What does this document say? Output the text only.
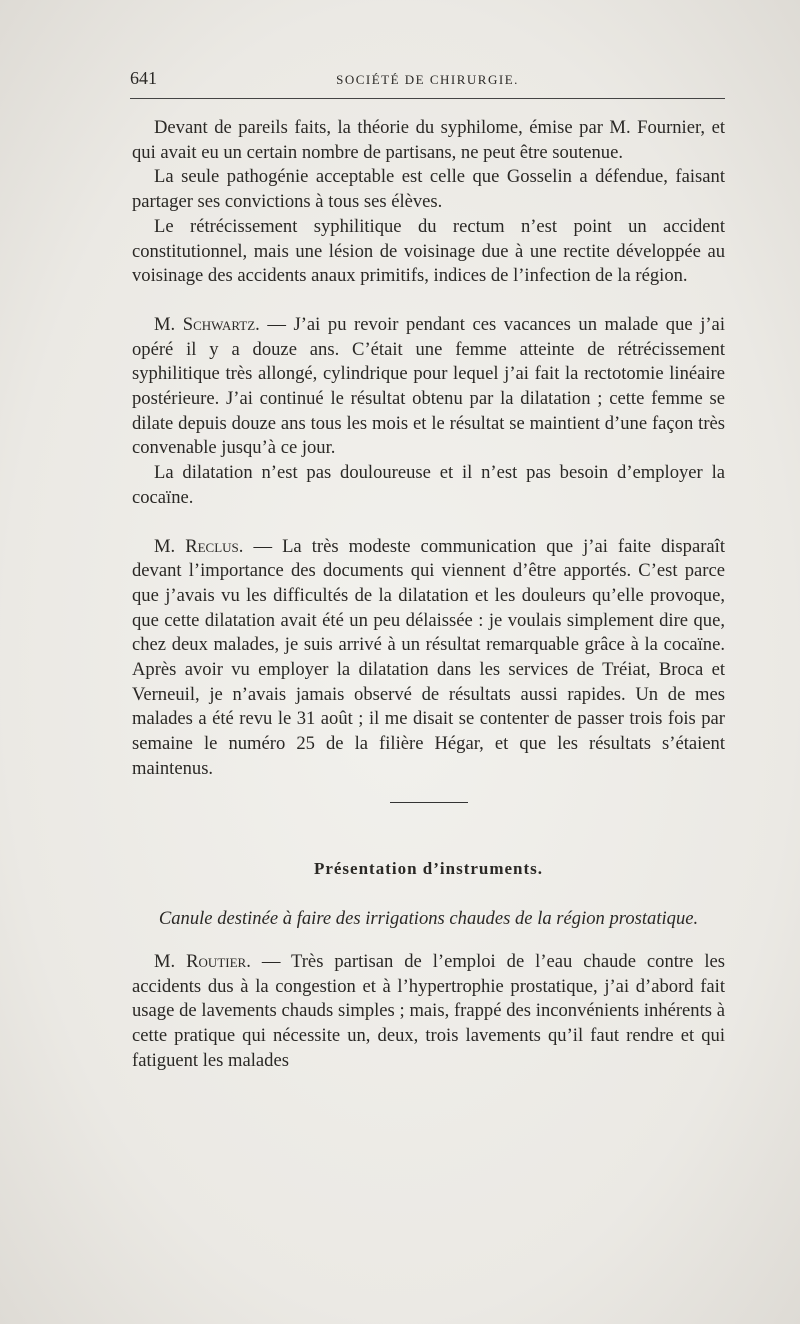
641	SOCIÉTÉ DE CHIRURGIE.

Devant de pareils faits, la théorie du syphilome, émise par M. Fournier, et qui avait eu un certain nombre de partisans, ne peut être soutenue.

La seule pathogénie acceptable est celle que Gosselin a défendue, faisant partager ses convictions à tous ses élèves.

Le rétrécissement syphilitique du rectum n’est point un accident constitutionnel, mais une lésion de voisinage due à une rectite développée au voisinage des accidents anaux primitifs, indices de l’infection de la région.

M. Schwartz. — J’ai pu revoir pendant ces vacances un malade que j’ai opéré il y a douze ans. C’était une femme atteinte de rétrécissement syphilitique très allongé, cylindrique pour lequel j’ai fait la rectotomie linéaire postérieure. J’ai continué le résultat obtenu par la dilatation ; cette femme se dilate depuis douze ans tous les mois et le résultat se maintient d’une façon très convenable jusqu’à ce jour.

La dilatation n’est pas douloureuse et il n’est pas besoin d’employer la cocaïne.

M. Reclus. — La très modeste communication que j’ai faite disparaît devant l’importance des documents qui viennent d’être apportés. C’est parce que j’avais vu les difficultés de la dilatation et les douleurs qu’elle provoque, que cette dilatation avait été un peu délaissée : je voulais simplement dire que, chez deux malades, je suis arrivé à un résultat remarquable grâce à la cocaïne. Après avoir vu employer la dilatation dans les services de Tréiat, Broca et Verneuil, je n’avais jamais observé de résultats aussi rapides. Un de mes malades a été revu le 31 août ; il me disait se contenter de passer trois fois par semaine le numéro 25 de la filière Hégar, et que les résultats s’étaient maintenus.

Présentation d’instruments.
Canule destinée à faire des irrigations chaudes de la région prostatique.

M. Routier. — Très partisan de l’emploi de l’eau chaude contre les accidents dus à la congestion et à l’hypertrophie prostatique, j’ai d’abord fait usage de lavements chauds simples ; mais, frappé des inconvénients inhérents à cette pratique qui nécessite un, deux, trois lavements qu’il faut rendre et qui fatiguent les malades
